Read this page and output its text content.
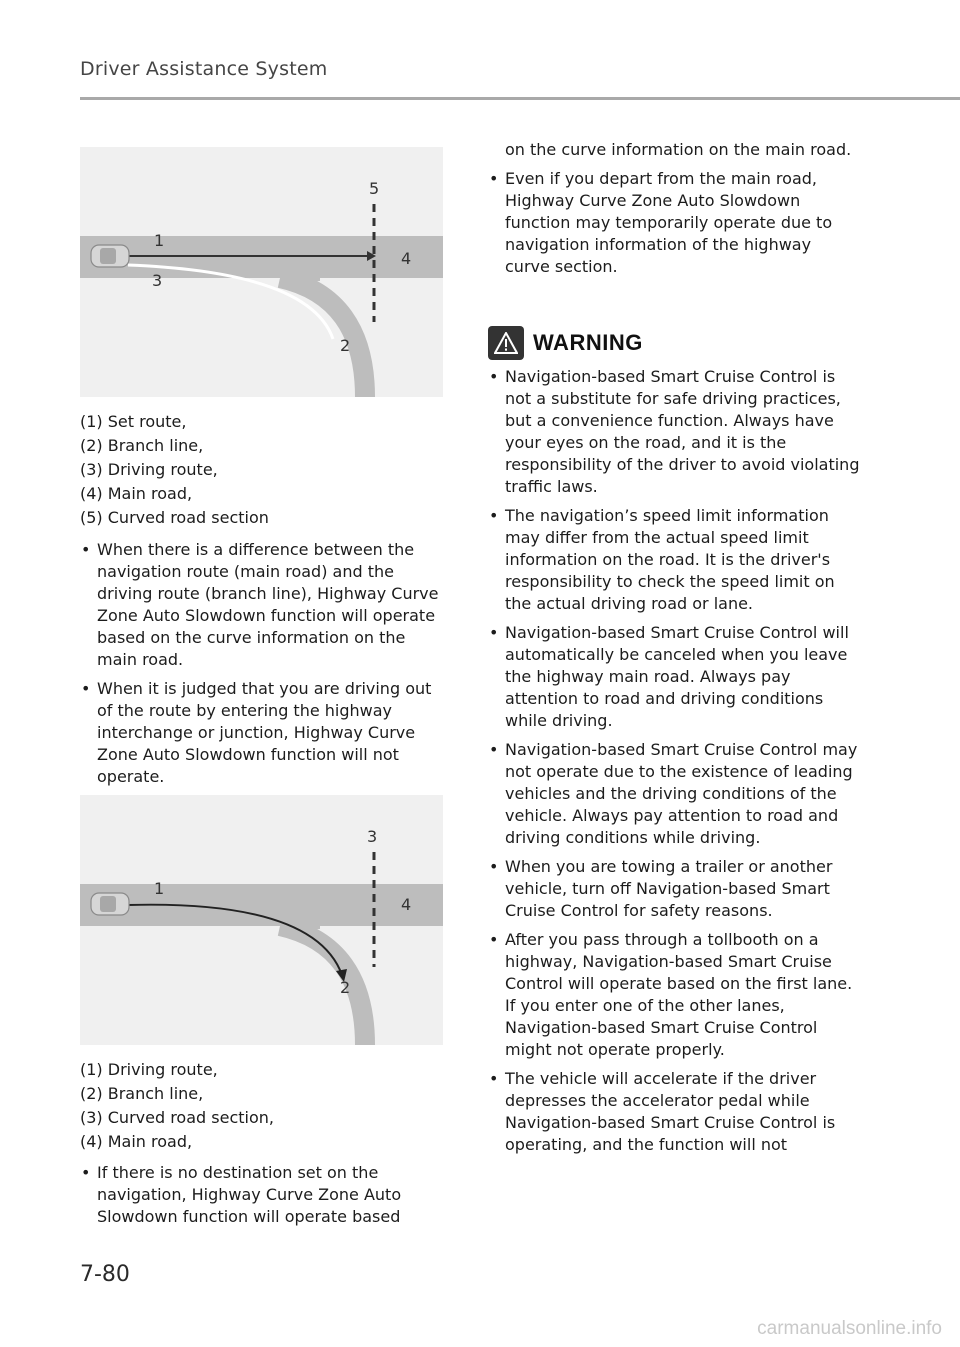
Driver Assistance System
1
2
3
4
5
(1) Set route,
(2) Branch line,
(3) Driving route,
(4) Main road,
(5) Curved road section
• When there is a difference between the navigation route (main road) and the driving route (branch line), Highway Curve Zone Auto Slowdown function will operate based on the curve information on the main road.
• When it is judged that you are driving out of the route by entering the highway interchange or junction, Highway Curve Zone Auto Slowdown function will not operate.
1
2
3
4
(1) Driving route,
(2) Branch line,
(3) Curved road section,
(4) Main road,
• If there is no destination set on the navigation, Highway Curve Zone Auto Slowdown function will operate based
on the curve information on the main road.
• Even if you depart from the main road, Highway Curve Zone Auto Slowdown function may temporarily operate due to navigation information of the highway curve section.
WARNING
• Navigation-based Smart Cruise Control is not a substitute for safe driving practices, but a convenience function. Always have your eyes on the road, and it is the responsibility of the driver to avoid violating traffic laws.
• The navigation’s speed limit information may differ from the actual speed limit information on the road. It is the driver's responsibility to check the speed limit on the actual driving road or lane.
• Navigation-based Smart Cruise Control will automatically be canceled when you leave the highway main road. Always pay attention to road and driving conditions while driving.
• Navigation-based Smart Cruise Control may not operate due to the existence of leading vehicles and the driving conditions of the vehicle. Always pay attention to road and driving conditions while driving.
• When you are towing a trailer or another vehicle, turn off Navigation-based Smart Cruise Control for safety reasons.
• After you pass through a tollbooth on a highway, Navigation-based Smart Cruise Control will operate based on the first lane. If you enter one of the other lanes, Navigation-based Smart Cruise Control might not operate properly.
• The vehicle will accelerate if the driver depresses the accelerator pedal while Navigation-based Smart Cruise Control is operating, and the function will not
7-80
carmanualsonline.info
